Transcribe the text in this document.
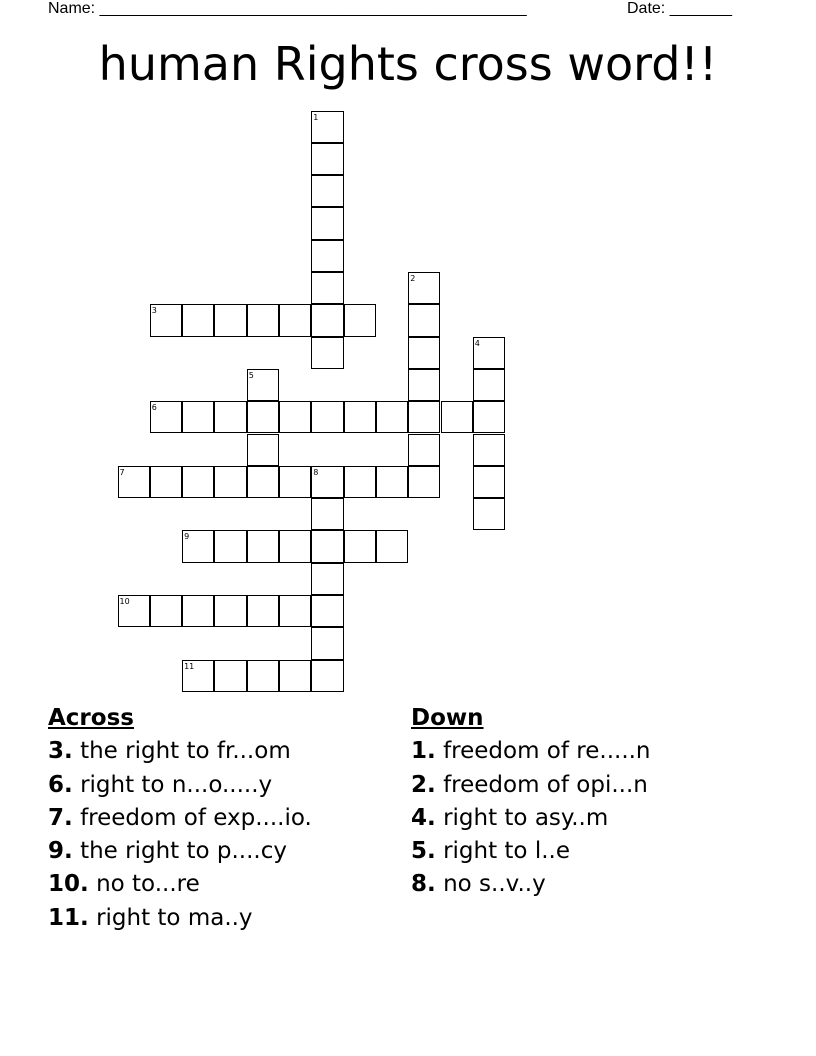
Name: ________________________________________________	Date: _______
human Rights cross word!!
1
2
3
4
5
6
7	8
9
10
11
Across
3. the right to fr...om
6. right to n...o.....y
7. freedom of exp....io.
9. the right to p....cy
10. no to...re
11. right to ma..y
Down
1. freedom of re.....n
2. freedom of opi...n
4. right to asy..m
5. right to l..e
8. no s..v..y
